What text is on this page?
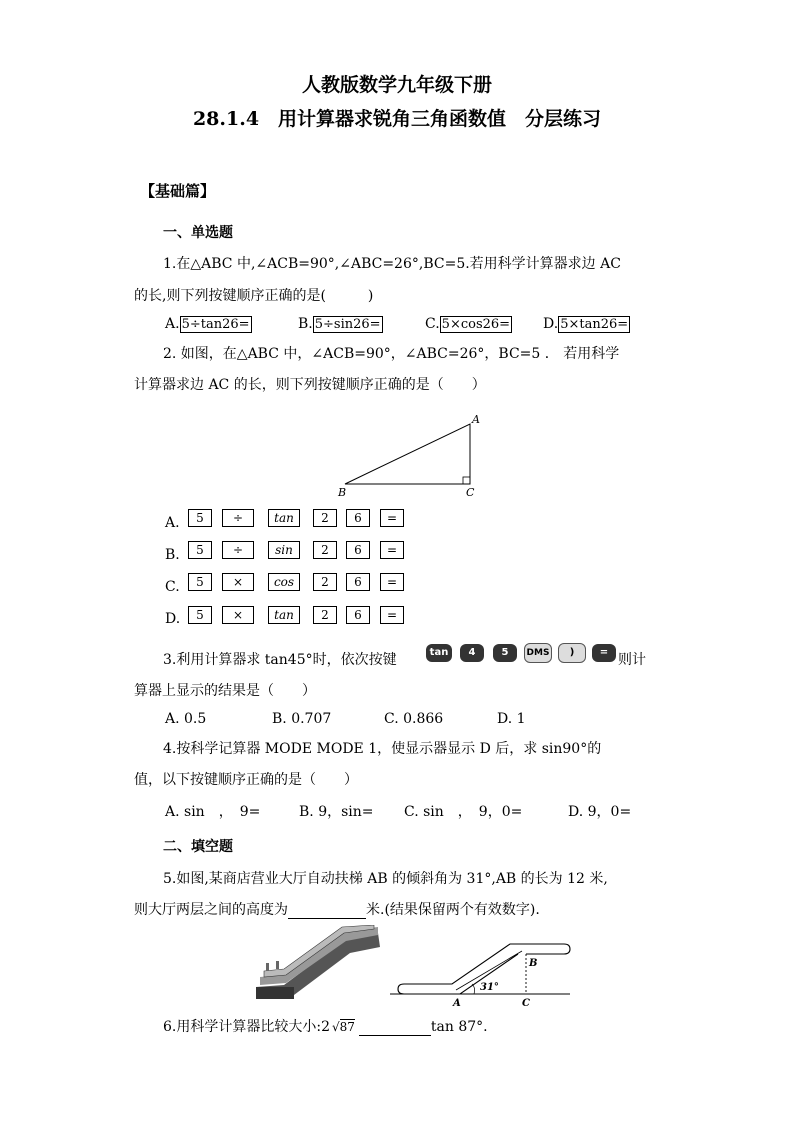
人教版数学九年级下册
28.1.4　用计算器求锐角三角函数值　分层练习
【基础篇】
一、单选题
1.在△ABC 中,∠ACB=90°,∠ABC=26°,BC=5.若用科学计算器求边 AC
的长,则下列按键顺序正确的是(　　　)
A. 5÷tan26=	B. 5÷sin26=	C. 5×cos26= D. 5×tan26=
2. 如图，在△ABC 中，∠ACB=90°，∠ABC=26°，BC=5 ． 若用科学
计算器求边 AC 的长，则下列按键顺序正确的是（　　）
A
B	C
A.	5	÷	tan	2	6	=
B.	5	÷	sin	2	6	=
C.	5	×	cos	2	6	=
D.	5	×	tan	2	6	=
3.利用计算器求 tan45°时，依次按键	tan	4	5	DMS	)	= 则计
算器上显示的结果是（　　）
A. 0.5	B. 0.707	C. 0.866	D. 1
4.按科学记算器 MODE MODE 1，使显示器显示 D 后，求 sin90°的
值，以下按键顺序正确的是（　　）
A. sin　，　9=	B. 9，sin= C. sin　，　9，0=	D. 9，0=
二、填空题
5.如图,某商店营业大厅自动扶梯 AB 的倾斜角为 31°,AB 的长为 12 米,
则大厅两层之间的高度为	米.(结果保留两个有效数字).
31°
A
B
C
6.用科学计算器比较大小:2 √87	tan 87°.
